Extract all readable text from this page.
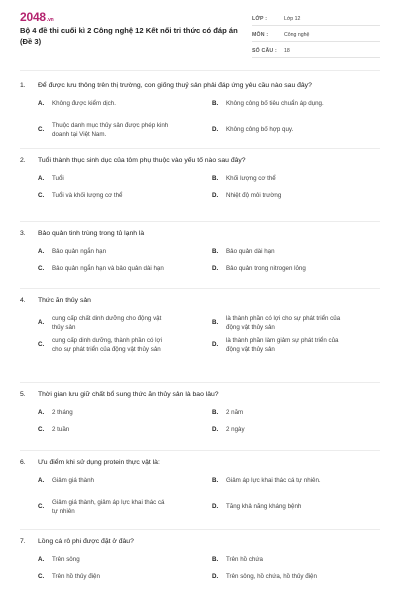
2048.vn
Bộ 4 đề thi cuối kì 2 Công nghệ 12 Kết nối tri thức có đáp án (Đề 3)
LỚP :	Lớp 12
MÔN :	Công nghệ
SỐ CÂU : 18
1. Để được lưu thông trên thị trường, con giống thuỷ sản phải đáp ứng yêu cầu nào sau đây?
A. Không được kiểm dịch.	B. Không công bố tiêu chuẩn áp dụng.
C.
Thuộc danh mục thủy sản được phép kinh
doanh tại Việt Nam.
D. Không công bố hợp quy.
2. Tuổi thành thục sinh dục của tôm phụ thuộc vào yếu tố nào sau đây?
A. Tuổi	B. Khối lượng cơ thể
C. Tuổi và khối lượng cơ thể	D. Nhiệt độ môi trường
3. Bảo quản tinh trùng trong tủ lạnh là
A. Bảo quản ngắn hạn	B. Bảo quản dài hạn
C. Bảo quản ngắn hạn và bảo quản dài hạn	D. Bảo quản trong nitrogen lỏng
4. Thức ăn thủy sản
A.
cung cấp chất dinh dưỡng cho động vật
thủy sản
B.
là thành phần có lợi cho sự phát triển của
động vật thủy sản
C.
cung cấp dinh dưỡng, thành phần có lợi
cho sự phát triển của động vật thủy sản
D.
là thành phần làm giảm sự phát triển của
động vật thủy sản
5. Thời gian lưu giữ chất bổ sung thức ăn thủy sản là bao lâu?
A. 2 tháng	B. 2 năm
C. 2 tuần	D. 2 ngày
6. Ưu điểm khi sử dụng protein thực vật là:
A. Giảm giá thành	B. Giảm áp lực khai thác cá tự nhiên.
C.
Giảm giá thành, giảm áp lực khai thác cá
tự nhiên
D. Tăng khả năng kháng bệnh
7. Lồng cá rô phi được đặt ở đâu?
A. Trên sông	B. Trên hồ chứa
C. Trên hồ thủy điện	D. Trên sông, hồ chứa, hồ thủy điện
